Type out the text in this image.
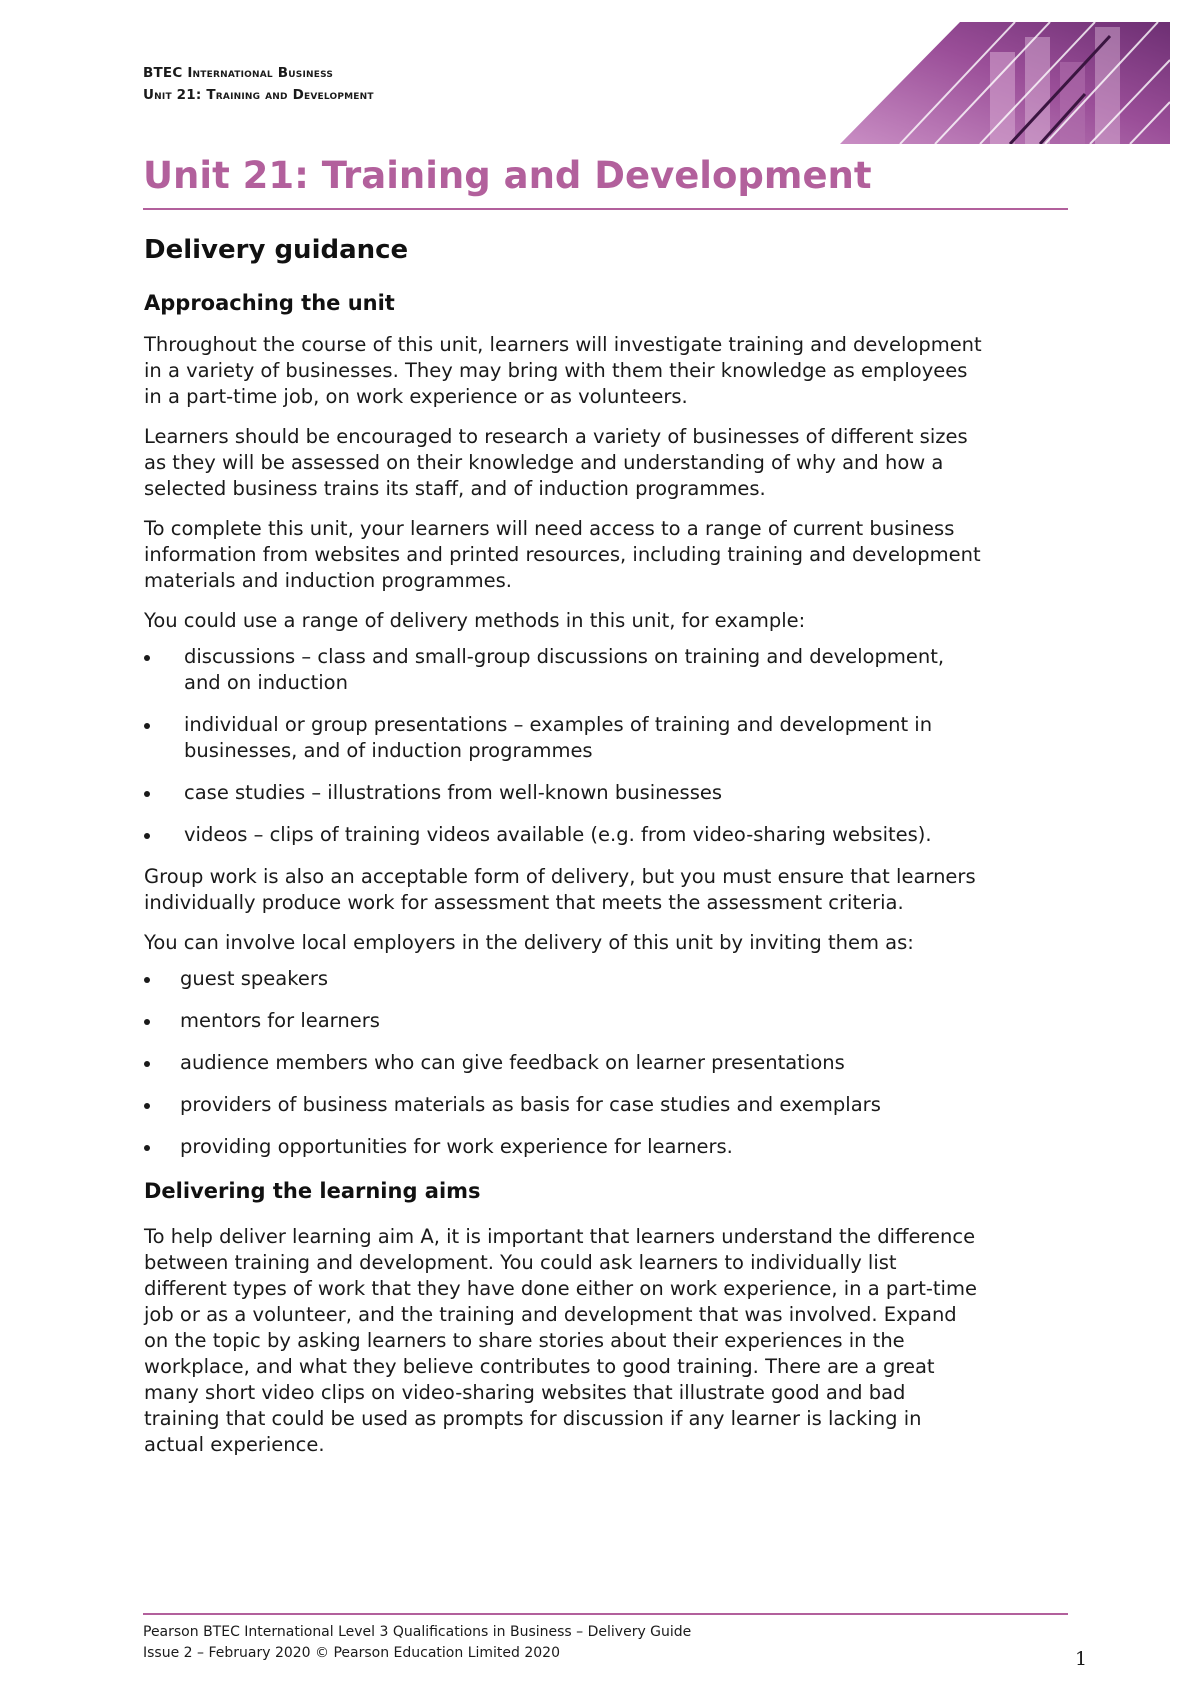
BTEC International Business
Unit 21: Training and Development
Unit 21: Training and Development
Delivery guidance
Approaching the unit

Throughout the course of this unit, learners will investigate training and development in a variety of businesses. They may bring with them their knowledge as employees in a part-time job, on work experience or as volunteers.

Learners should be encouraged to research a variety of businesses of different sizes as they will be assessed on their knowledge and understanding of why and how a selected business trains its staff, and of induction programmes.

To complete this unit, your learners will need access to a range of current business information from websites and printed resources, including training and development materials and induction programmes.

You could use a range of delivery methods in this unit, for example:

discussions – class and small-group discussions on training and development, and on induction
individual or group presentations – examples of training and development in businesses, and of induction programmes
case studies – illustrations from well-known businesses
videos – clips of training videos available (e.g. from video-sharing websites).

Group work is also an acceptable form of delivery, but you must ensure that learners individually produce work for assessment that meets the assessment criteria.

You can involve local employers in the delivery of this unit by inviting them as:

guest speakers
mentors for learners
audience members who can give feedback on learner presentations
providers of business materials as basis for case studies and exemplars
providing opportunities for work experience for learners.
Delivering the learning aims

To help deliver learning aim A, it is important that learners understand the difference between training and development. You could ask learners to individually list different types of work that they have done either on work experience, in a part-time job or as a volunteer, and the training and development that was involved. Expand on the topic by asking learners to share stories about their experiences in the workplace, and what they believe contributes to good training. There are a great many short video clips on video-sharing websites that illustrate good and bad training that could be used as prompts for discussion if any learner is lacking in actual experience.

Pearson BTEC International Level 3 Qualifications in Business – Delivery Guide
Issue 2 – February 2020 © Pearson Education Limited 2020	1
